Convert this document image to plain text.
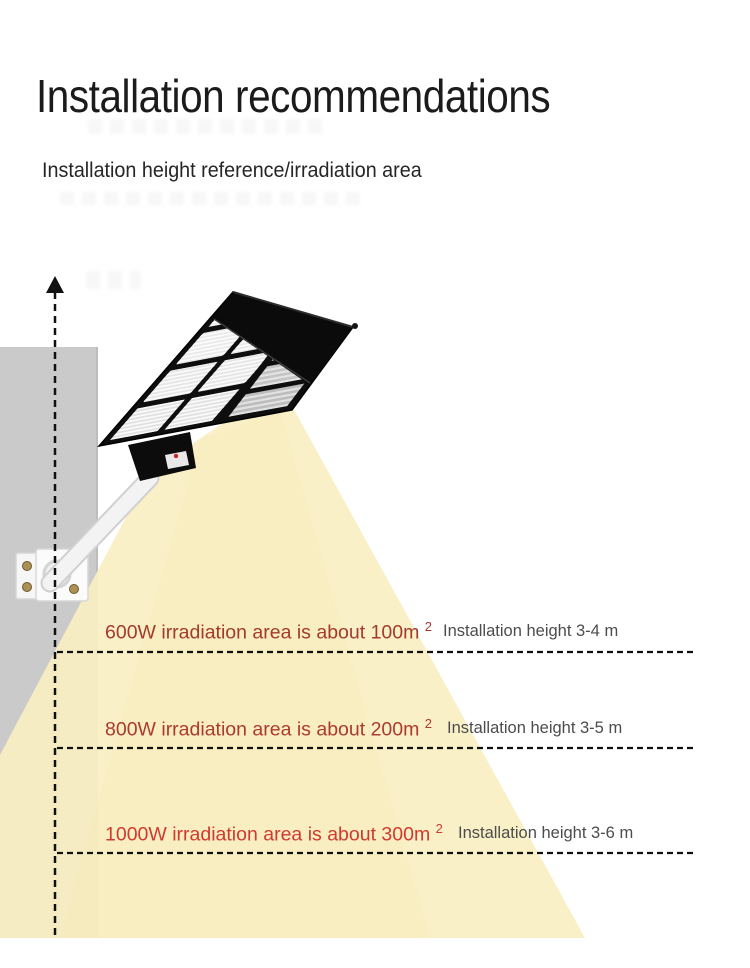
Installation recommendations
Installation height reference/irradiation area
600W irradiation area is about 100m $^2$ Installation height 3-4 m
800W irradiation area is about 200m $^2$ Installation height 3-5 m
1000W irradiation area is about 300m $^2$ Installation height 3-6 m
